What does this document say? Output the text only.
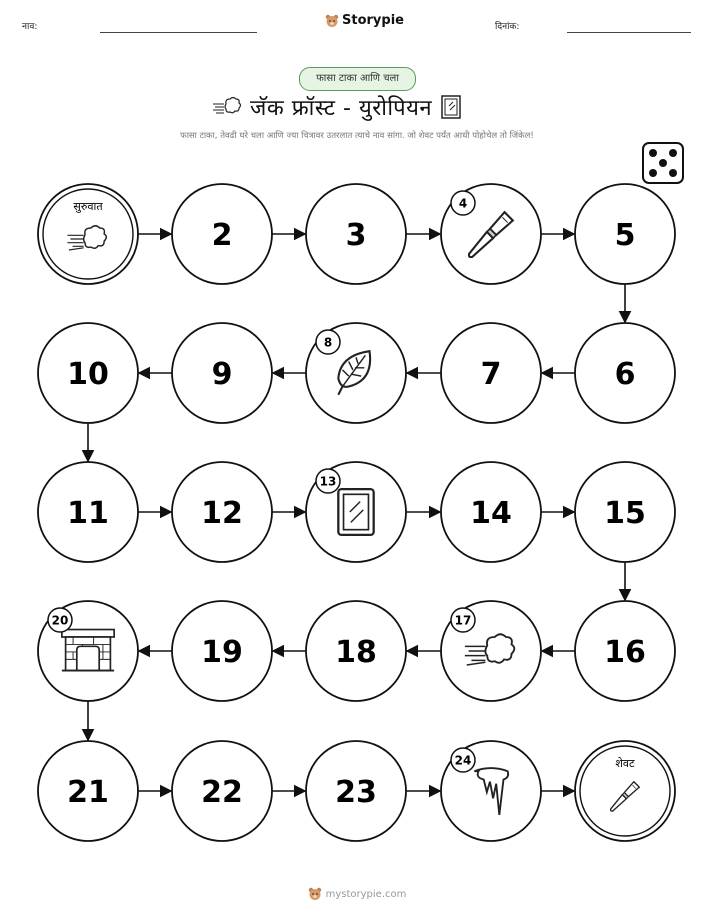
नाव:	Storypie	दिनांक:
फासा टाका आणि चला
जॅक फ्रॉस्ट - युरोपियन
फासा टाका, तेवढी घरे चला आणि ज्या चित्रावर उतरलात त्याचे नाव सांगा. जो शेवट पर्यंत आधी पोहोचेल तो जिंकेल!
सुरुवात
2	3
4
5
6
7
8
9
10
11	12
13
14	15
16
17
18
19
20
21	22	23
24	शेवट
mystorypie.com
